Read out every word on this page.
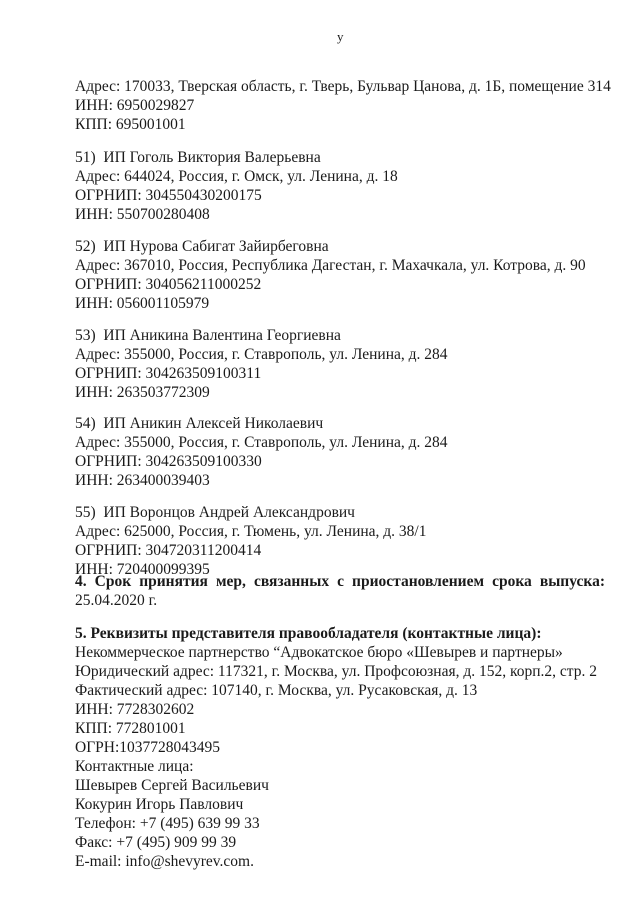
у
Адрес: 170033, Тверская область, г. Тверь, Бульвар Цанова, д. 1Б, помещение 314
ИНН: 6950029827
КПП: 695001001
51) ИП Гоголь Виктория Валерьевна
Адрес: 644024, Россия, г. Омск, ул. Ленина, д. 18
ОГРНИП: 304550430200175
ИНН: 550700280408
52) ИП Нурова Сабигат Зайирбеговна
Адрес: 367010, Россия, Республика Дагестан, г. Махачкала, ул. Котрова, д. 90
ОГРНИП: 304056211000252
ИНН: 056001105979
53) ИП Аникина Валентина Георгиевна
Адрес: 355000, Россия, г. Ставрополь, ул. Ленина, д. 284
ОГРНИП: 304263509100311
ИНН: 263503772309
54) ИП Аникин Алексей Николаевич
Адрес: 355000, Россия, г. Ставрополь, ул. Ленина, д. 284
ОГРНИП: 304263509100330
ИНН: 263400039403
55) ИП Воронцов Андрей Александрович
Адрес: 625000, Россия, г. Тюмень, ул. Ленина, д. 38/1
ОГРНИП: 304720311200414
ИНН: 720400099395
4. Срок принятия мер, связанных с приостановлением срока выпуска:
25.04.2020 г.
5. Реквизиты представителя правообладателя (контактные лица):
Некоммерческое партнерство “Адвокатское бюро «Шевырев и партнеры»
Юридический адрес: 117321, г. Москва, ул. Профсоюзная, д. 152, корп.2, стр. 2
Фактический адрес: 107140, г. Москва, ул. Русаковская, д. 13
ИНН: 7728302602
КПП: 772801001
ОГРН:1037728043495
Контактные лица:
Шевырев Сергей Васильевич
Кокурин Игорь Павлович
Телефон: +7 (495) 639 99 33
Факс: +7 (495) 909 99 39
E-mail: info@shevyrev.com.
